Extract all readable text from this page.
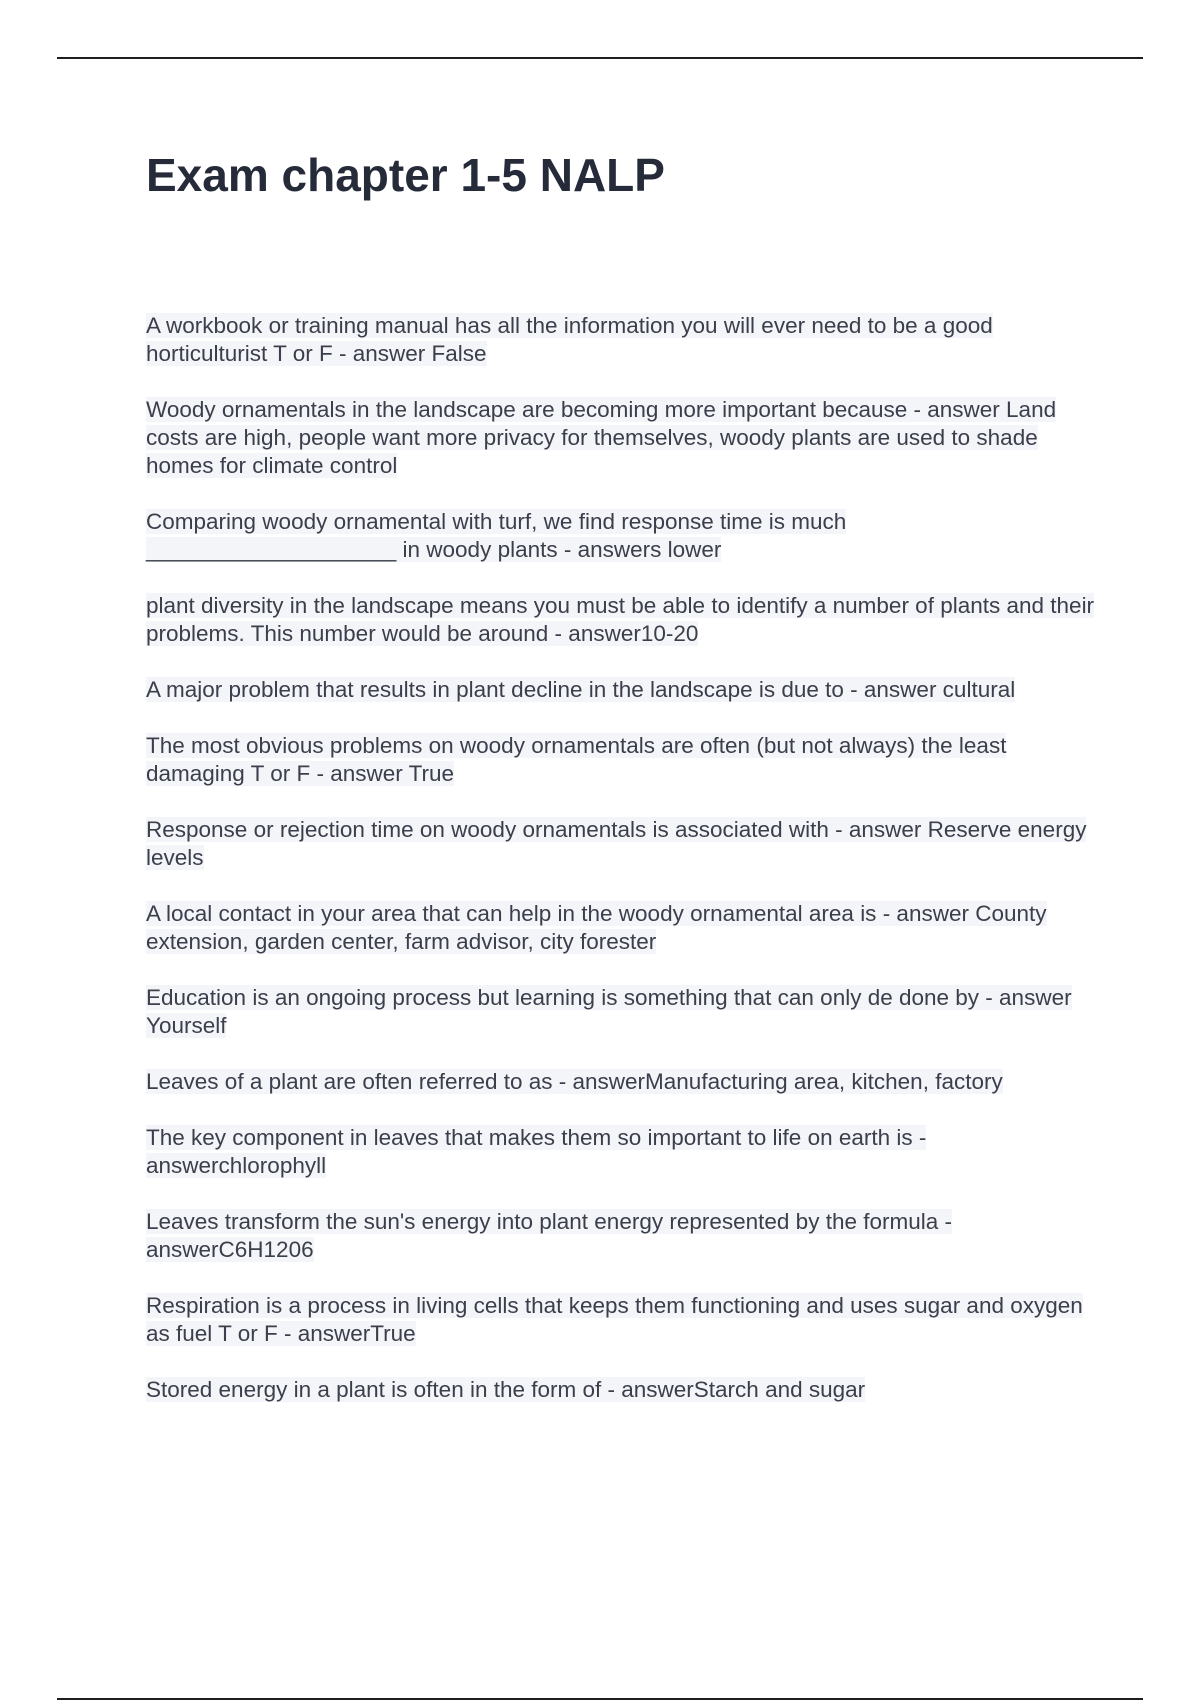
Exam chapter 1-5 NALP

A workbook or training manual has all the information you will ever need to be a good horticulturist T or F - answer False

Woody ornamentals in the landscape are becoming more important because - answer Land costs are high, people want more privacy for themselves, woody plants are used to shade homes for climate control

Comparing woody ornamental with turf, we find response time is much ____________________ in woody plants - answers lower

plant diversity in the landscape means you must be able to identify a number of plants and their problems. This number would be around - answer10-20

A major problem that results in plant decline in the landscape is due to - answer cultural

The most obvious problems on woody ornamentals are often (but not always) the least damaging T or F - answer True

Response or rejection time on woody ornamentals is associated with - answer Reserve energy levels

A local contact in your area that can help in the woody ornamental area is - answer County extension, garden center, farm advisor, city forester

Education is an ongoing process but learning is something that can only de done by - answer Yourself

Leaves of a plant are often referred to as - answerManufacturing area, kitchen, factory

The key component in leaves that makes them so important to life on earth is - answerchlorophyll

Leaves transform the sun's energy into plant energy represented by the formula - answerC6H1206

Respiration is a process in living cells that keeps them functioning and uses sugar and oxygen as fuel T or F - answerTrue

Stored energy in a plant is often in the form of - answerStarch and sugar
